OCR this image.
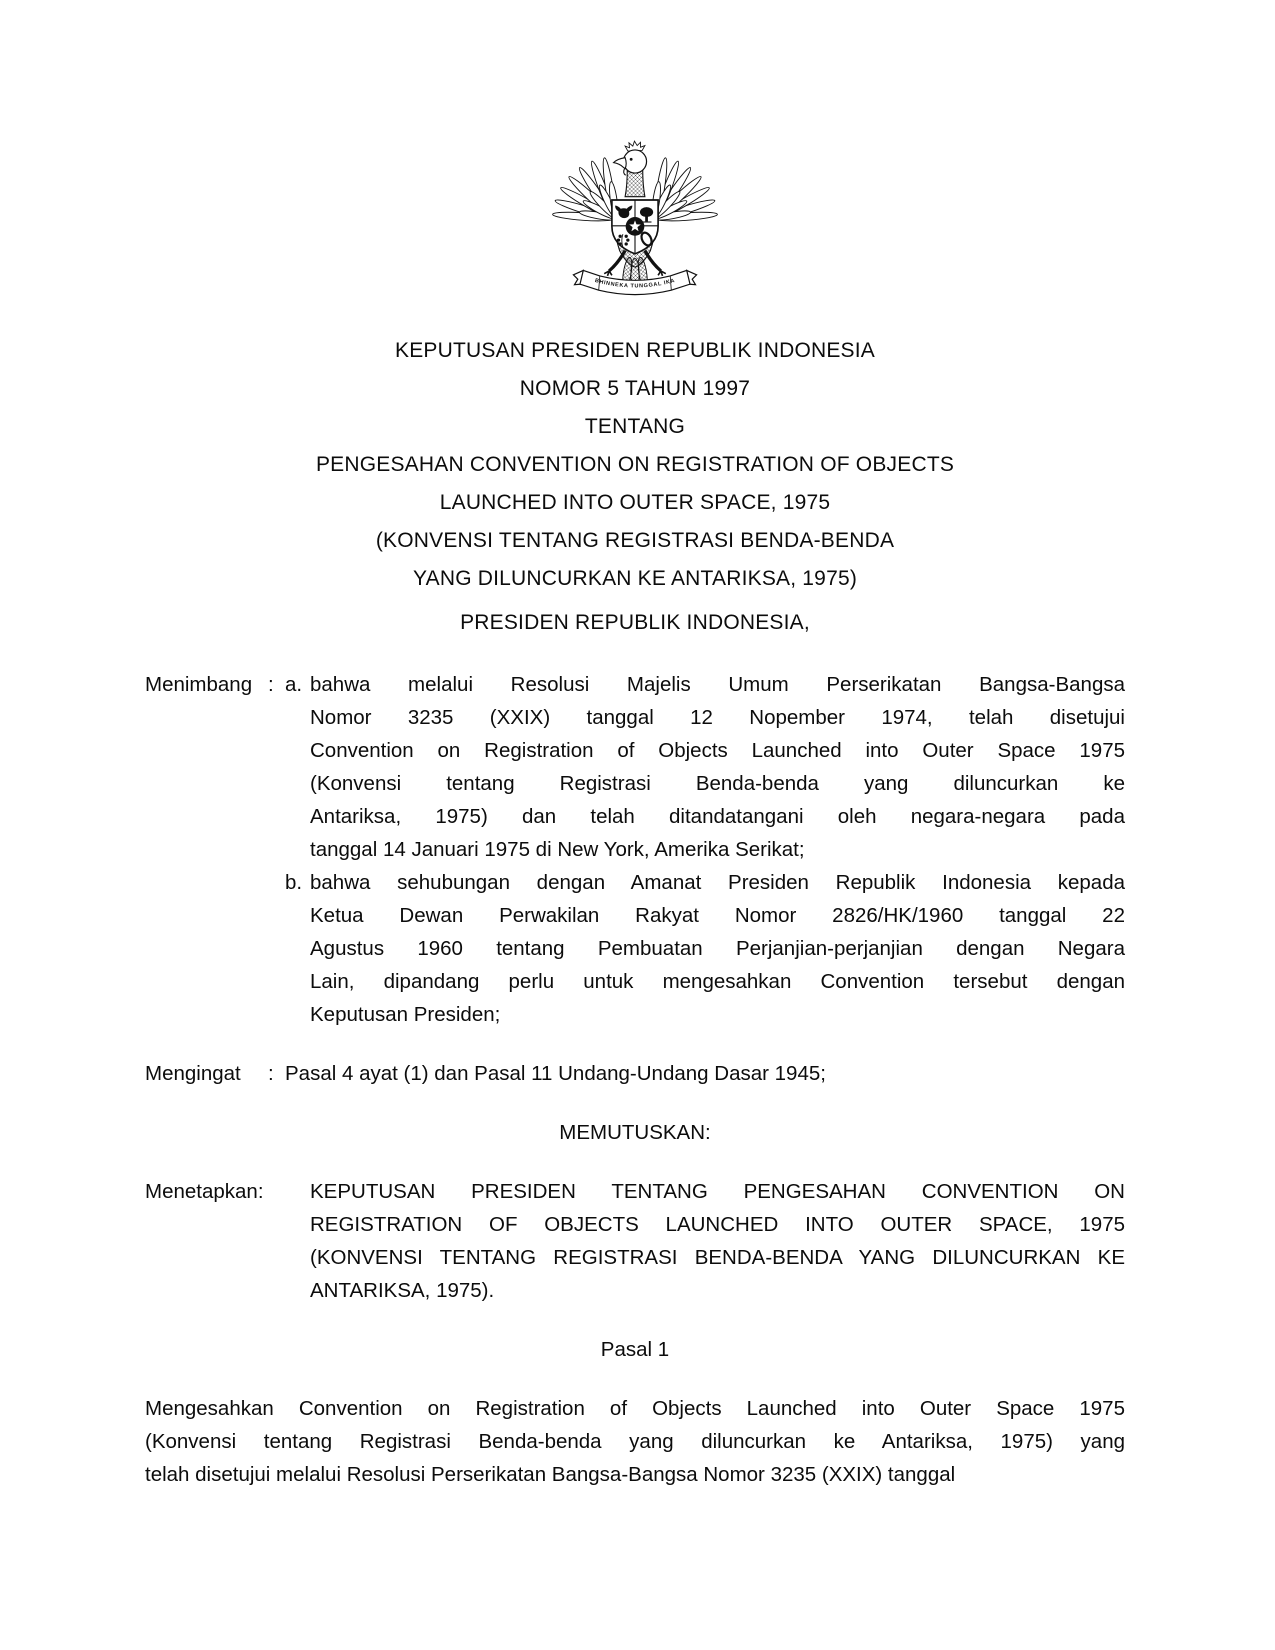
BHINNEKA TUNGGAL IKA
KEPUTUSAN PRESIDEN REPUBLIK INDONESIA
NOMOR 5 TAHUN 1997
TENTANG
PENGESAHAN CONVENTION ON REGISTRATION OF OBJECTS
LAUNCHED INTO OUTER SPACE, 1975
(KONVENSI TENTANG REGISTRASI BENDA-BENDA
YANG DILUNCURKAN KE ANTARIKSA, 1975)
PRESIDEN REPUBLIK INDONESIA,
Menimbang : a. bahwa melalui Resolusi Majelis Umum Perserikatan Bangsa-Bangsa
Nomor 3235 (XXIX) tanggal 12 Nopember 1974, telah disetujui
Convention on Registration of Objects Launched into Outer Space 1975
(Konvensi tentang Registrasi Benda-benda yang diluncurkan ke
Antariksa, 1975) dan telah ditandatangani oleh negara-negara pada
tanggal 14 Januari 1975 di New York, Amerika Serikat;
b. bahwa sehubungan dengan Amanat Presiden Republik Indonesia kepada
Ketua Dewan Perwakilan Rakyat Nomor 2826/HK/1960 tanggal 22
Agustus 1960 tentang Pembuatan Perjanjian-perjanjian dengan Negara
Lain, dipandang perlu untuk mengesahkan Convention tersebut dengan
Keputusan Presiden;
Mengingat	: Pasal 4 ayat (1) dan Pasal 11 Undang-Undang Dasar 1945;
MEMUTUSKAN:
Menetapkan:	KEPUTUSAN PRESIDEN TENTANG PENGESAHAN CONVENTION ON
REGISTRATION OF OBJECTS LAUNCHED INTO OUTER SPACE, 1975
(KONVENSI TENTANG REGISTRASI BENDA-BENDA YANG DILUNCURKAN KE
ANTARIKSA, 1975).
Pasal 1
Mengesahkan Convention on Registration of Objects Launched into Outer Space 1975
(Konvensi tentang Registrasi Benda-benda yang diluncurkan ke Antariksa, 1975) yang
telah disetujui melalui Resolusi Perserikatan Bangsa-Bangsa Nomor 3235 (XXIX) tanggal
